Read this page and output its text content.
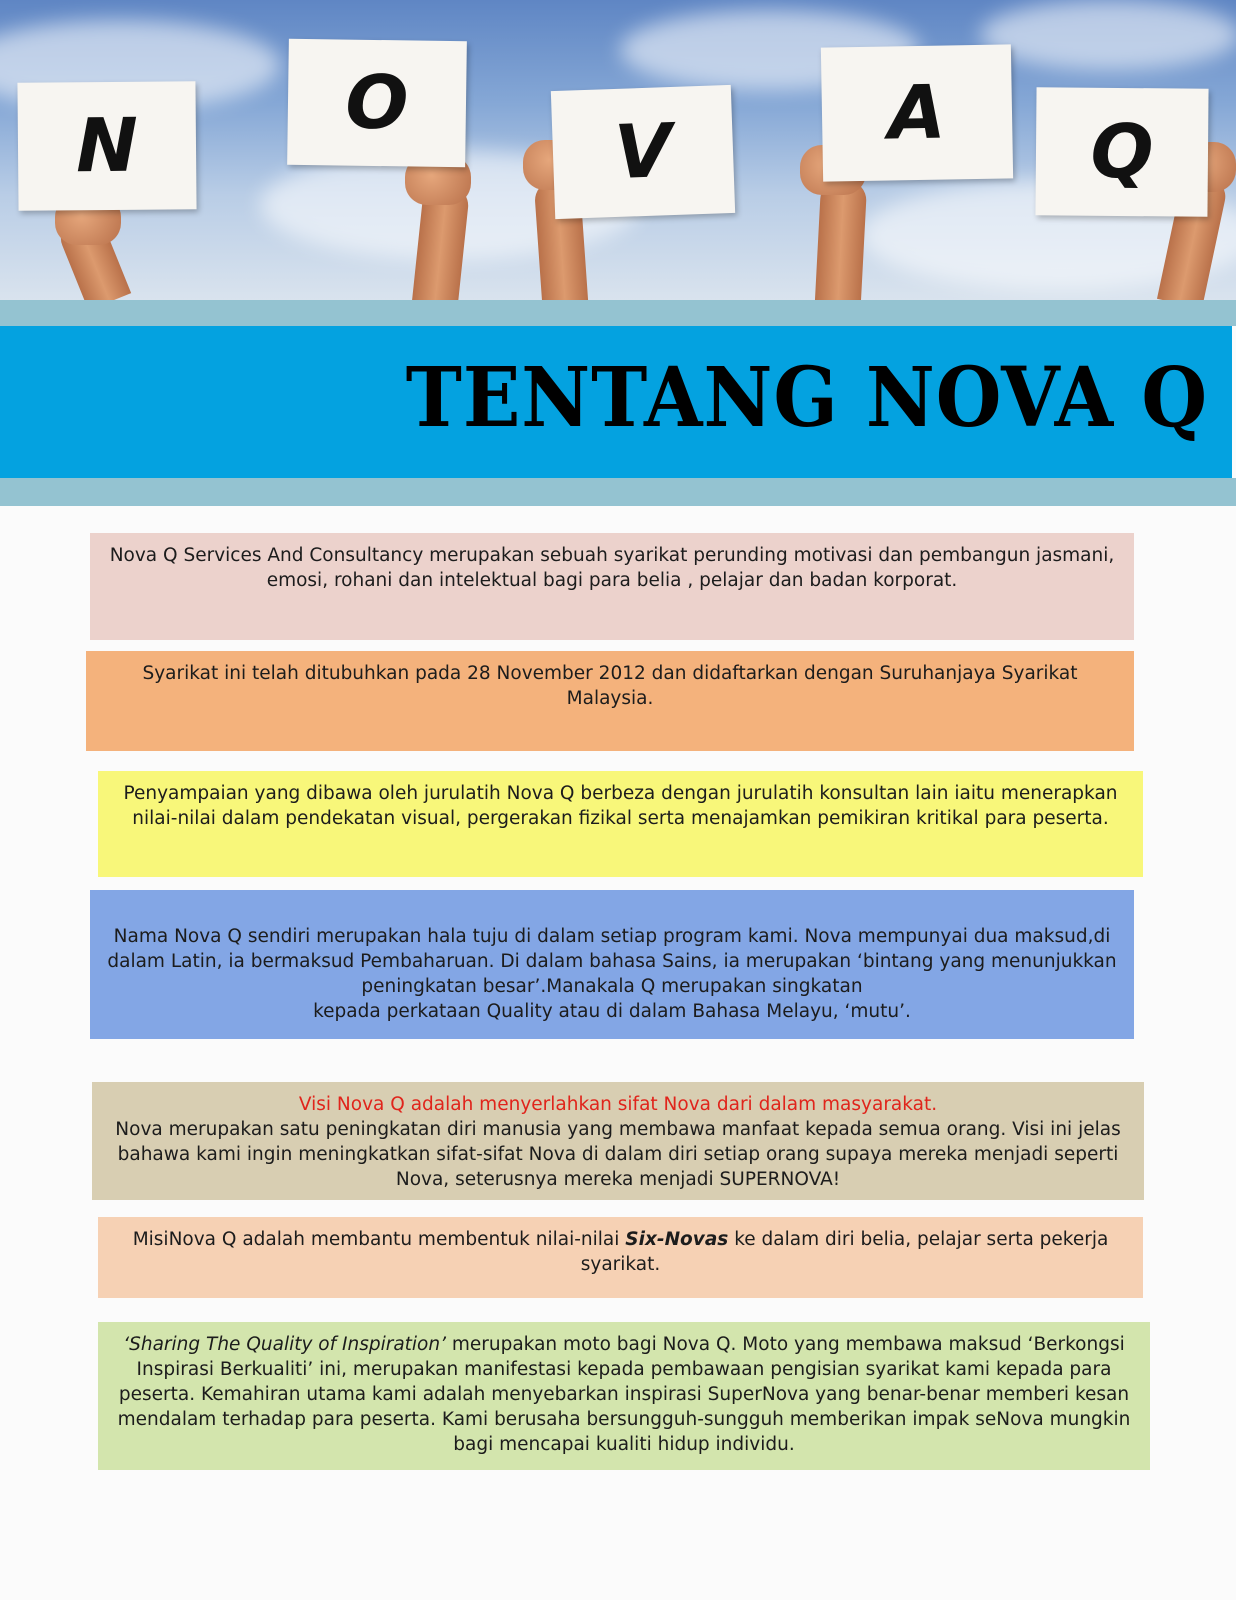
N	O
V	A Q
TENTANG NOVA Q

Nova Q Services And Consultancy merupakan sebuah syarikat perunding motivasi dan pembangun jasmani, emosi, rohani dan intelektual bagi para belia , pelajar dan badan korporat.

Syarikat ini telah ditubuhkan pada 28 November 2012 dan didaftarkan dengan Suruhanjaya Syarikat Malaysia.

Penyampaian yang dibawa oleh jurulatih Nova Q berbeza dengan jurulatih konsultan lain iaitu menerapkan nilai-nilai dalam pendekatan visual, pergerakan fizikal serta menajamkan pemikiran kritikal para peserta.

Nama Nova Q sendiri merupakan hala tuju di dalam setiap program kami. Nova mempunyai dua maksud,di dalam Latin, ia bermaksud Pembaharuan. Di dalam bahasa Sains, ia merupakan ‘bintang yang menunjukkan peningkatan besar’.Manakala Q merupakan singkatan

kepada perkataan Quality atau di dalam Bahasa Melayu, ‘mutu’.

Visi Nova Q adalah menyerlahkan sifat Nova dari dalam masyarakat.

Nova merupakan satu peningkatan diri manusia yang membawa manfaat kepada semua orang. Visi ini jelas bahawa kami ingin meningkatkan sifat-sifat Nova di dalam diri setiap orang supaya mereka menjadi seperti Nova, seterusnya mereka menjadi SUPERNOVA!

MisiNova Q adalah membantu membentuk nilai-nilai Six-Novas ke dalam diri belia, pelajar serta pekerja syarikat.

‘Sharing The Quality of Inspiration’ merupakan moto bagi Nova Q. Moto yang membawa maksud ‘Berkongsi Inspirasi Berkualiti’ ini, merupakan manifestasi kepada pembawaan pengisian syarikat kami kepada para peserta. Kemahiran utama kami adalah menyebarkan inspirasi SuperNova yang benar-benar memberi kesan mendalam terhadap para peserta. Kami berusaha bersungguh-sungguh memberikan impak seNova mungkin bagi mencapai kualiti hidup individu.
